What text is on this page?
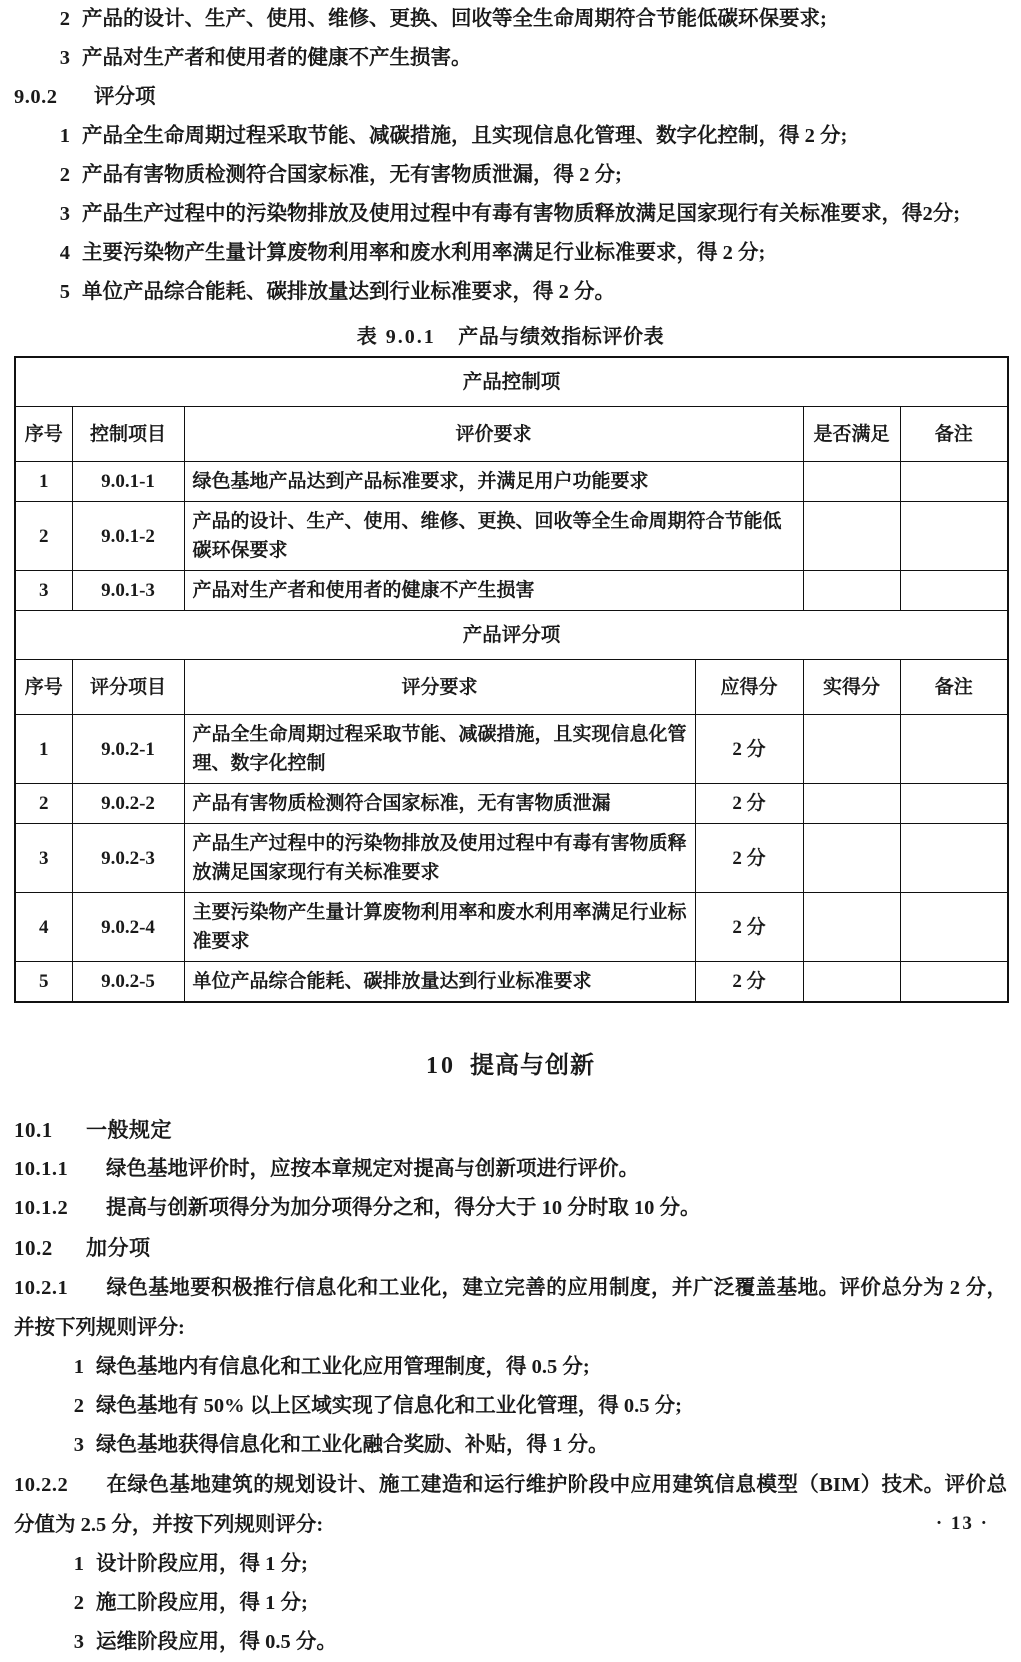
2 产品的设计、生产、使用、维修、更换、回收等全生命周期符合节能低碳环保要求;
3 产品对生产者和使用者的健康不产生损害。
9.0.2	评分项
1 产品全生命周期过程采取节能、减碳措施，且实现信息化管理、数字化控制，得 2 分;
2 产品有害物质检测符合国家标准，无有害物质泄漏，得 2 分;
3 产品生产过程中的污染物排放及使用过程中有毒有害物质释放满足国家现行有关标准要求，得2分;
4 主要污染物产生量计算废物利用率和废水利用率满足行业标准要求，得 2 分;
5 单位产品综合能耗、碳排放量达到行业标准要求，得 2 分。
表 9.0.1 产品与绩效指标评价表
产品控制项					
序号	控制项目	评价要求		是否满足	备注
1	9.0.1-1	绿色基地产品达到产品标准要求，并满足用户功能要求			
2	9.0.1-2	产品的设计、生产、使用、维修、更换、回收等全生命周期符合节能低碳环保要求			
3	9.0.1-3	产品对生产者和使用者的健康不产生损害			
产品评分项					
序号	评分项目	评分要求	应得分	实得分	备注
1	9.0.2-1	产品全生命周期过程采取节能、减碳措施，且实现信息化管理、数字化控制	2 分		
2	9.0.2-2	产品有害物质检测符合国家标准，无有害物质泄漏	2 分		
3	9.0.2-3	产品生产过程中的污染物排放及使用过程中有毒有害物质释放满足国家现行有关标准要求	2 分		
4	9.0.2-4	主要污染物产生量计算废物利用率和废水利用率满足行业标准要求	2 分		
5	9.0.2-5	单位产品综合能耗、碳排放量达到行业标准要求	2 分		
10 提高与创新
10.1 一般规定
10.1.1	绿色基地评价时，应按本章规定对提高与创新项进行评价。
10.1.2	提高与创新项得分为加分项得分之和，得分大于 10 分时取 10 分。
10.2 加分项
10.2.1 绿色基地要积极推行信息化和工业化，建立完善的应用制度，并广泛覆盖基地。评价总分为 2 分，并按下列规则评分:
1 绿色基地内有信息化和工业化应用管理制度，得 0.5 分;
2 绿色基地有 50% 以上区域实现了信息化和工业化管理，得 0.5 分;
3 绿色基地获得信息化和工业化融合奖励、补贴，得 1 分。
10.2.2 在绿色基地建筑的规划设计、施工建造和运行维护阶段中应用建筑信息模型（BIM）技术。评价总分值为 2.5 分，并按下列规则评分:
1 设计阶段应用，得 1 分;
2 施工阶段应用，得 1 分;
3 运维阶段应用，得 0.5 分。
· 13 ·
